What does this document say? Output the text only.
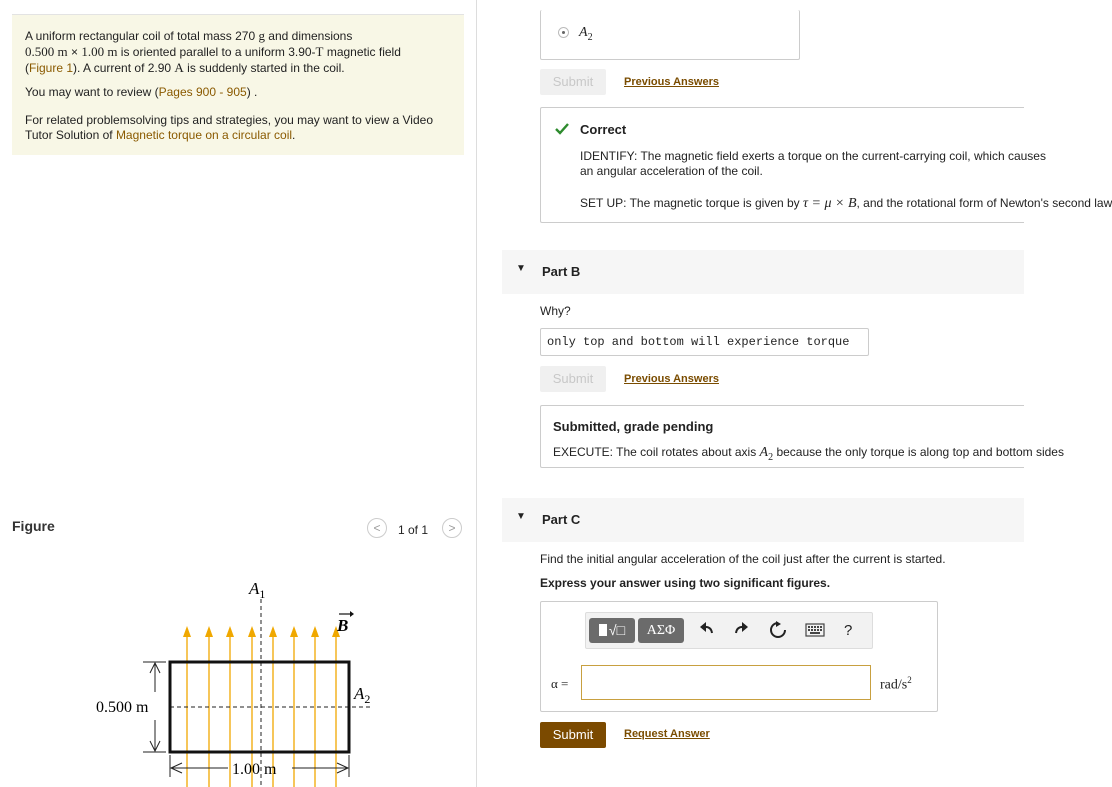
A uniform rectangular coil of total mass 270 g and dimensions
0.500 m × 1.00 m is oriented parallel to a uniform 3.90-T magnetic field
(Figure 1). A current of 2.90 A is suddenly started in the coil.

You may want to review (Pages 900 - 905) .

For related problemsolving tips and strategies, you may want to view a Video Tutor Solution of Magnetic torque on a circular coil.

Figure	<	1 of 1	>
$A_1$
$A_2$
B
0.500 m
1.00 m
$A_2$
Submit	Previous Answers
Correct
IDENTIFY: The magnetic field exerts a torque on the current-carrying coil, which causes an angular acceleration of the coil.
SET UP: The magnetic torque is given by τ = μ × B, and the rotational form of Newton's second law
▼ Part B
Why?
only top and bottom will experience torque
Submit	Previous Answers
Submitted, grade pending
EXECUTE: The coil rotates about axis $A_2$ because the only torque is along top and bottom sides
▼ Part C
Find the initial angular acceleration of the coil just after the current is started.
Express your answer using two significant figures.
√□	ΑΣΦ	?
α =	rad/$s^2$
Submit	Request Answer
